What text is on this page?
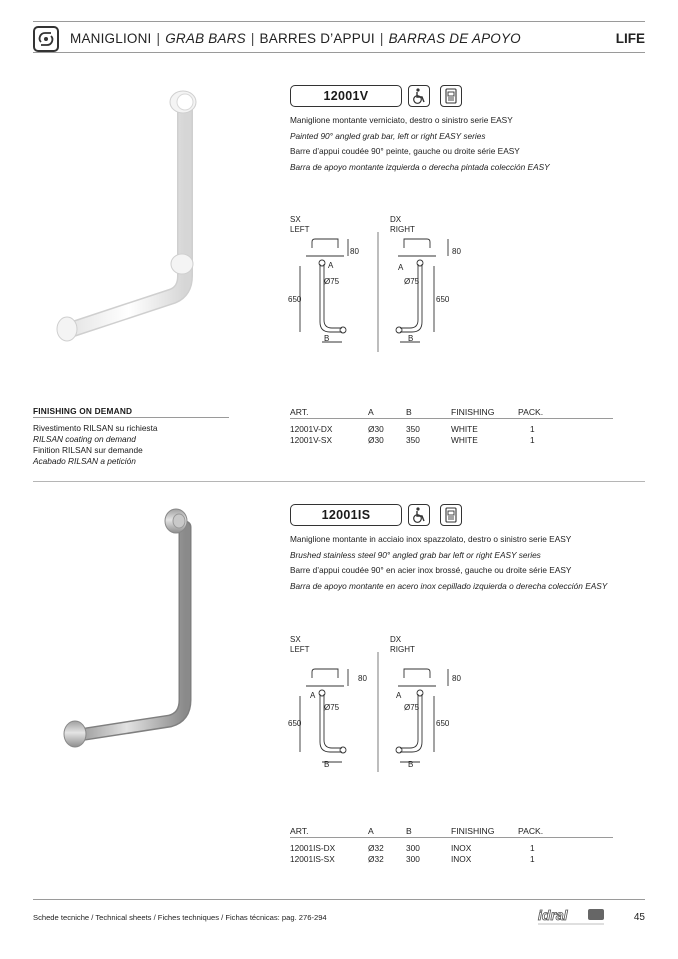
MANIGLIONI | GRAB BARS | BARRES D’APPUI | BARRAS DE APOYO	LIFE
12001V
Maniglione montante verniciato, destro o sinistro serie EASY
Painted 90° angled grab bar, left or right EASY series
Barre d’appui coudée 90° peinte, gauche ou droite série EASY
Barra de apoyo montante izquierda o derecha pintada colección EASY
SX
LEFT
DX
RIGHT
80
A
Ø75
650
B
80
A
Ø75
650
B
FINISHING ON DEMAND
Rivestimento RILSAN su richiesta
RILSAN coating on demand
Finition RILSAN sur demande
Acabado RILSAN a petición
ART.	A	B	FINISHING	PACK.
12001V-DX	Ø30	350	WHITE	1
12001V-SX	Ø30	350	WHITE	1
12001IS
Maniglione montante in acciaio inox spazzolato, destro o sinistro serie EASY
Brushed stainless steel 90° angled grab bar left or right EASY series
Barre d’appui coudée 90° en acier inox brossé, gauche ou droite série EASY
Barra de apoyo montante en acero inox cepillado izquierda o derecha colección EASY
SX
LEFT
DX
RIGHT
80
A
Ø75
650
B
80
A
Ø75
650
B
ART.	A	B	FINISHING	PACK.
12001IS-DX	Ø32	300	INOX	1
12001IS-SX	Ø32	300	INOX	1
Schede tecniche / Technical sheets / Fiches techniques / Fichas técnicas: pag. 276-294	idral	45
